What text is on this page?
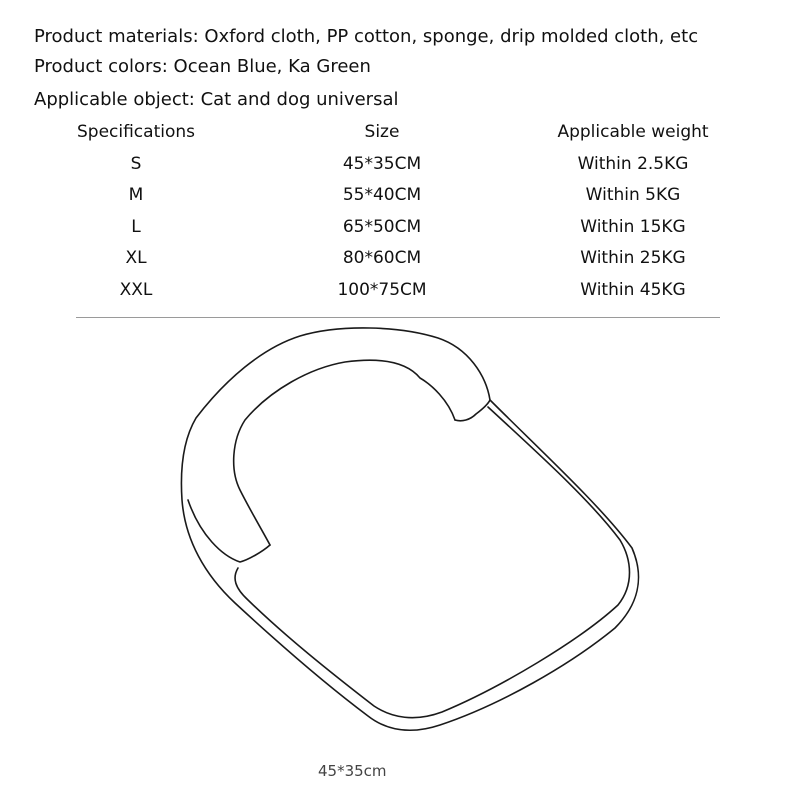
Product materials: Oxford cloth, PP cotton, sponge, drip molded cloth, etc
Product colors: Ocean Blue, Ka Green
Applicable object: Cat and dog universal
Specifications	Size	Applicable weight
S	45*35CM	Within 2.5KG
M	55*40CM	Within 5KG
L	65*50CM	Within 15KG
XL	80*60CM	Within 25KG
XXL	100*75CM	Within 45KG
45*35cm
